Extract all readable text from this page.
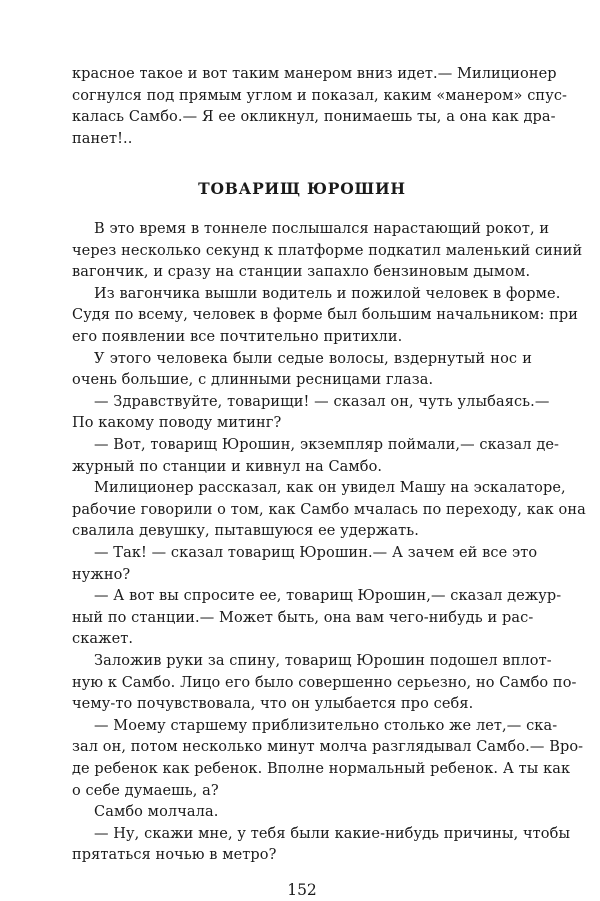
красное такое и вот таким манером вниз идет.— Милиционер
согнулся под прямым углом и показал, каким «манером» спус-
калась Самбо.— Я ее окликнул, понимаешь ты, а она как дра-
панет!..
ТОВАРИЩ ЮРОШИН
В это время в тоннеле послышался нарастающий рокот, и
через несколько секунд к платформе подкатил маленький синий
вагончик, и сразу на станции запахло бензиновым дымом.
Из вагончика вышли водитель и пожилой человек в форме.
Судя по всему, человек в форме был большим начальником: при
его появлении все почтительно притихли.
У этого человека были седые волосы, вздернутый нос и
очень большие, с длинными ресницами глаза.
— Здравствуйте, товарищи! — сказал он, чуть улыбаясь.—
По какому поводу митинг?
— Вот, товарищ Юрошин, экземпляр поймали,— сказал де-
журный по станции и кивнул на Самбо.
Милиционер рассказал, как он увидел Машу на эскалаторе,
рабочие говорили о том, как Самбо мчалась по переходу, как она
свалила девушку, пытавшуюся ее удержать.
— Так! — сказал товарищ Юрошин.— А зачем ей все это
нужно?
— А вот вы спросите ее, товарищ Юрошин,— сказал дежур-
ный по станции.— Может быть, она вам чего-нибудь и рас-
скажет.
Заложив руки за спину, товарищ Юрошин подошел вплот-
ную к Самбо. Лицо его было совершенно серьезно, но Самбо по-
чему-то почувствовала, что он улыбается про себя.
— Моему старшему приблизительно столько же лет,— ска-
зал он, потом несколько минут молча разглядывал Самбо.— Вро-
де ребенок как ребенок. Вполне нормальный ребенок. А ты как
о себе думаешь, а?
Самбо молчала.
— Ну, скажи мне, у тебя были какие-нибудь причины, чтобы
прятаться ночью в метро?
152
